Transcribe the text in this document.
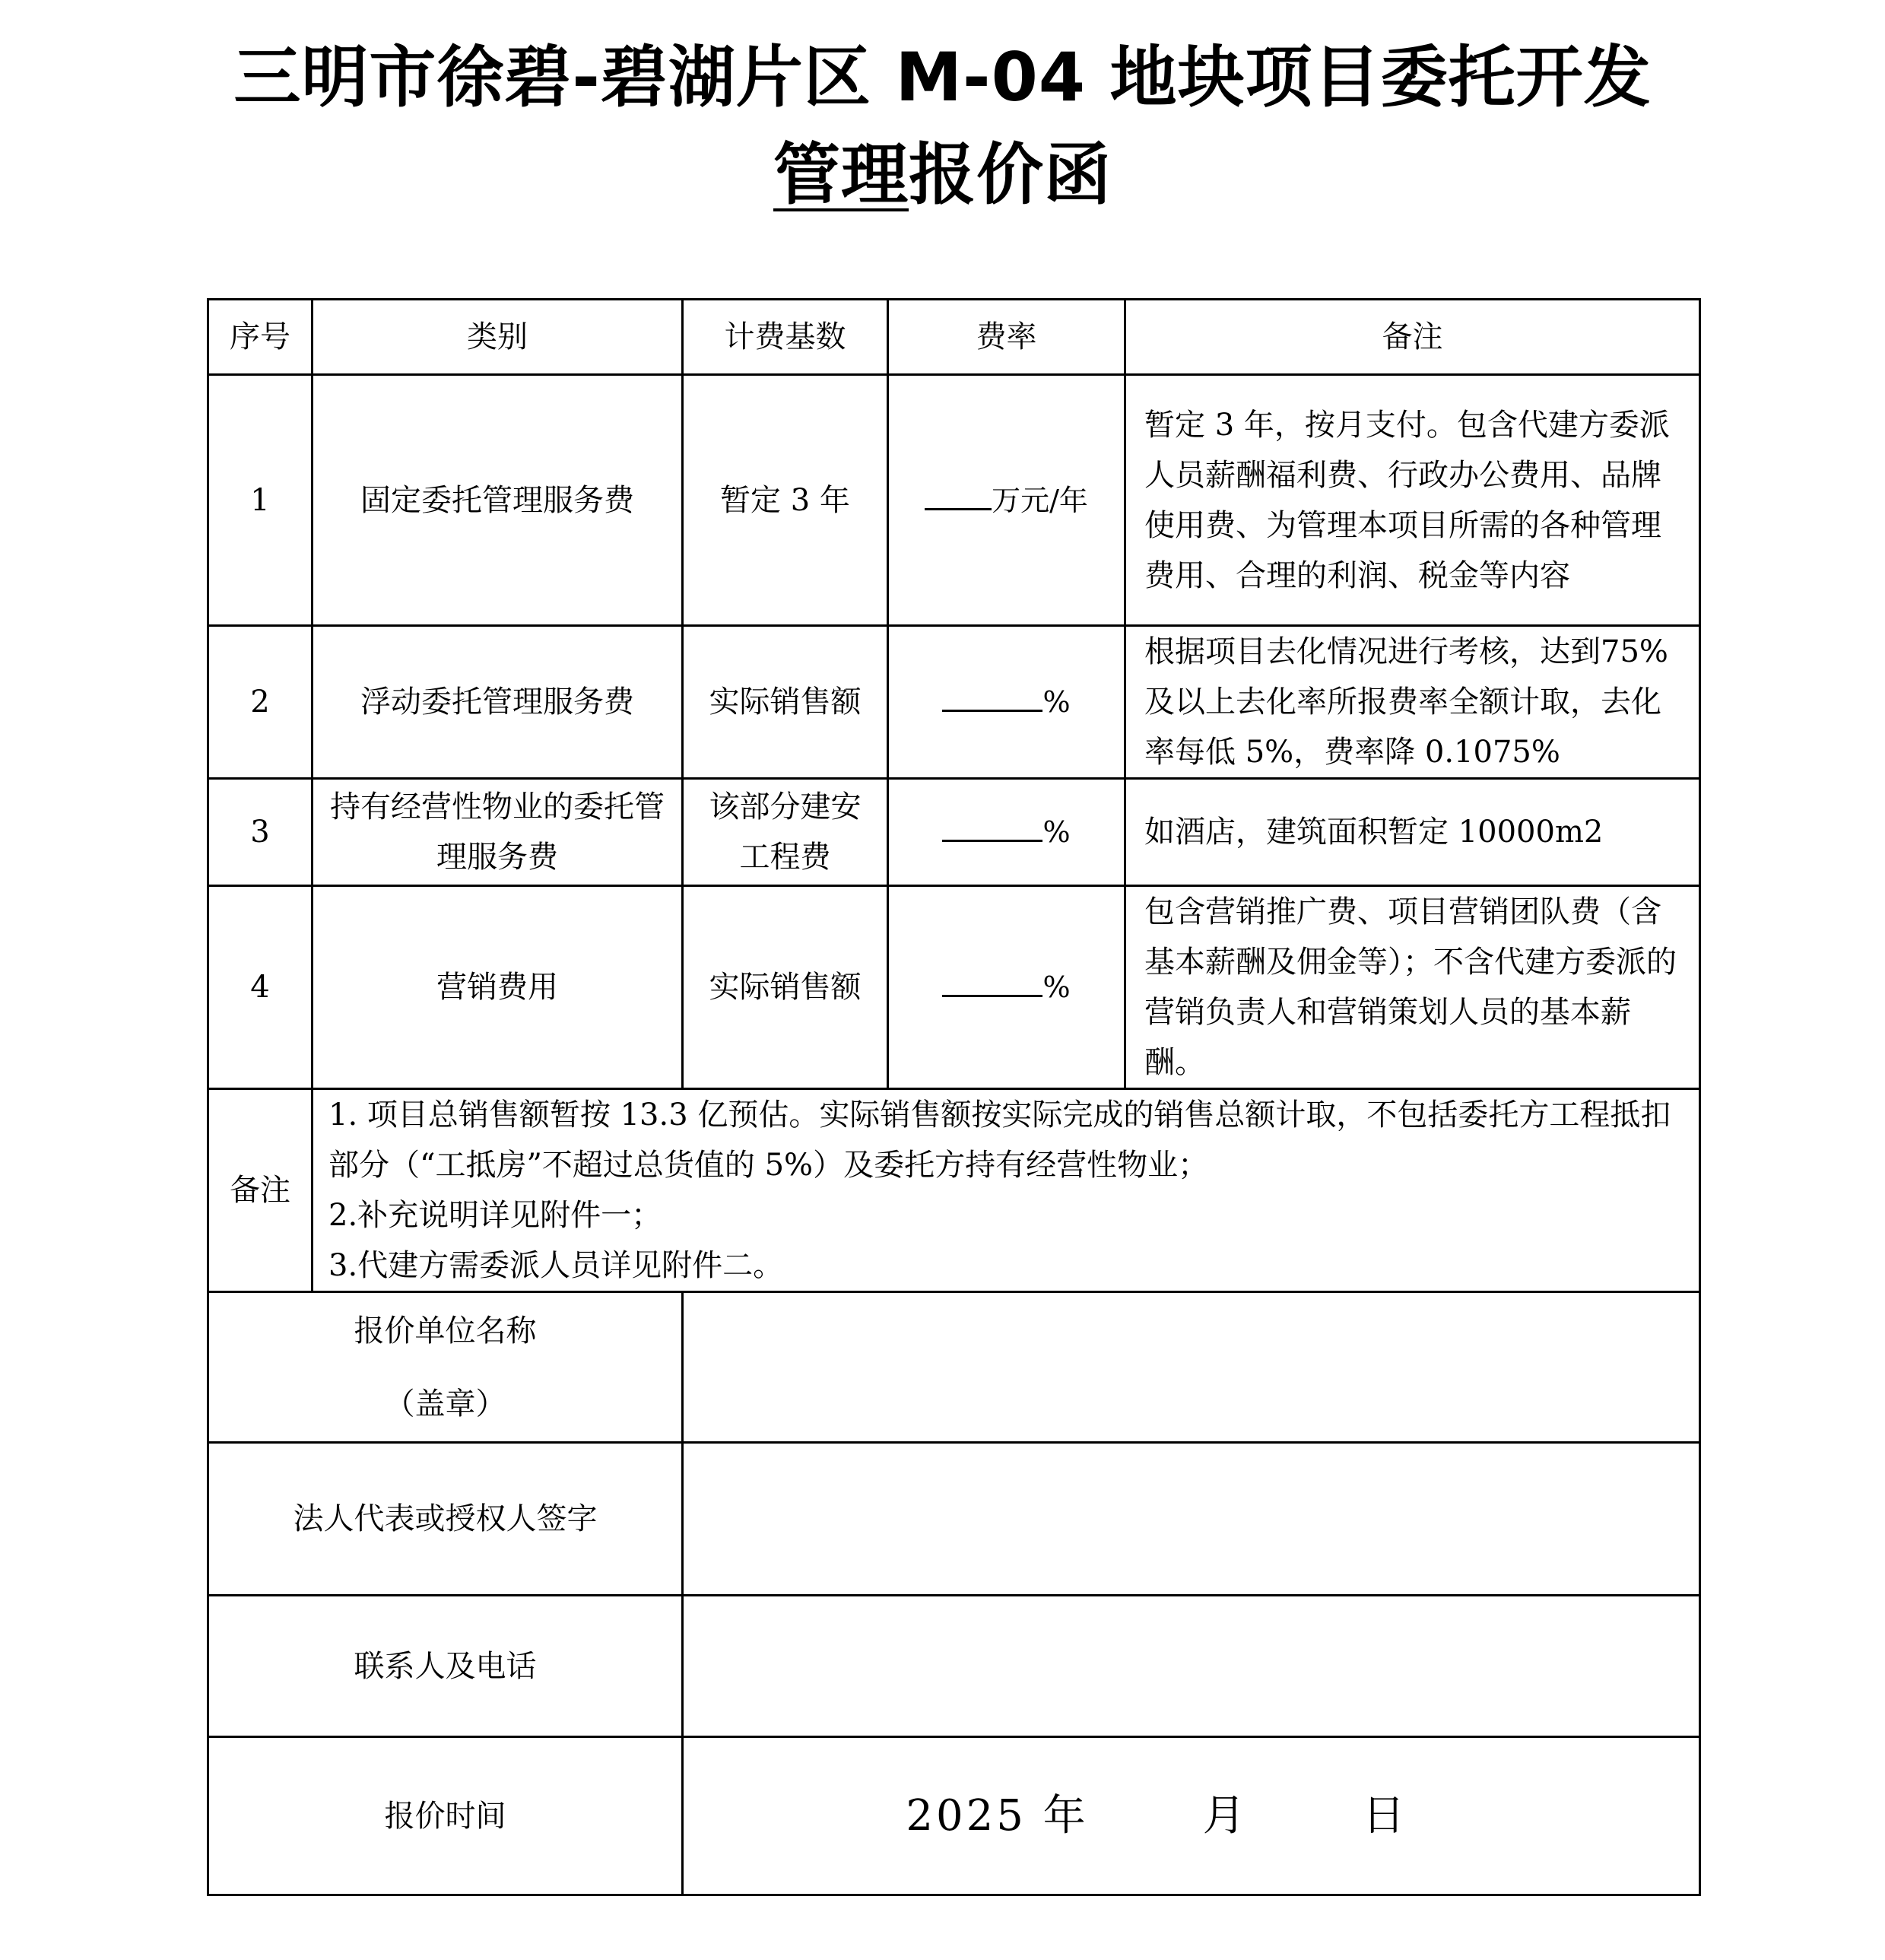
三明市徐碧-碧湖片区 M-04 地块项目委托开发
管理报价函
序号	类别	计费基数	费率	备注
1	固定委托管理服务费	暂定 3 年	万元/年	暂定 3 年，按月支付。包含代建方委派人员薪酬福利费、行政办公费用、品牌使用费、为管理本项目所需的各种管理费用、合理的利润、税金等内容
2	浮动委托管理服务费	实际销售额	%	根据项目去化情况进行考核，达到75%及以上去化率所报费率全额计取，去化率每低 5%，费率降 0.1075%
3	持有经营性物业的委托管理服务费	该部分建安工程费	%	如酒店，建筑面积暂定 10000m2
4	营销费用	实际销售额	%	包含营销推广费、项目营销团队费（含基本薪酬及佣金等）；不含代建方委派的营销负责人和营销策划人员的基本薪酬。
备注	1. 项目总销售额暂按 13.3 亿预估。实际销售额按实际完成的销售总额计取，不包括委托方工程抵扣部分（“工抵房”不超过总货值的 5%）及委托方持有经营性物业；
2.补充说明详见附件一；
3.代建方需委派人员详见附件二。			

报价单位名称
（盖章）				

法人代表或授权人签字				
联系人及电话				
报价时间		2025 年 月 日		
